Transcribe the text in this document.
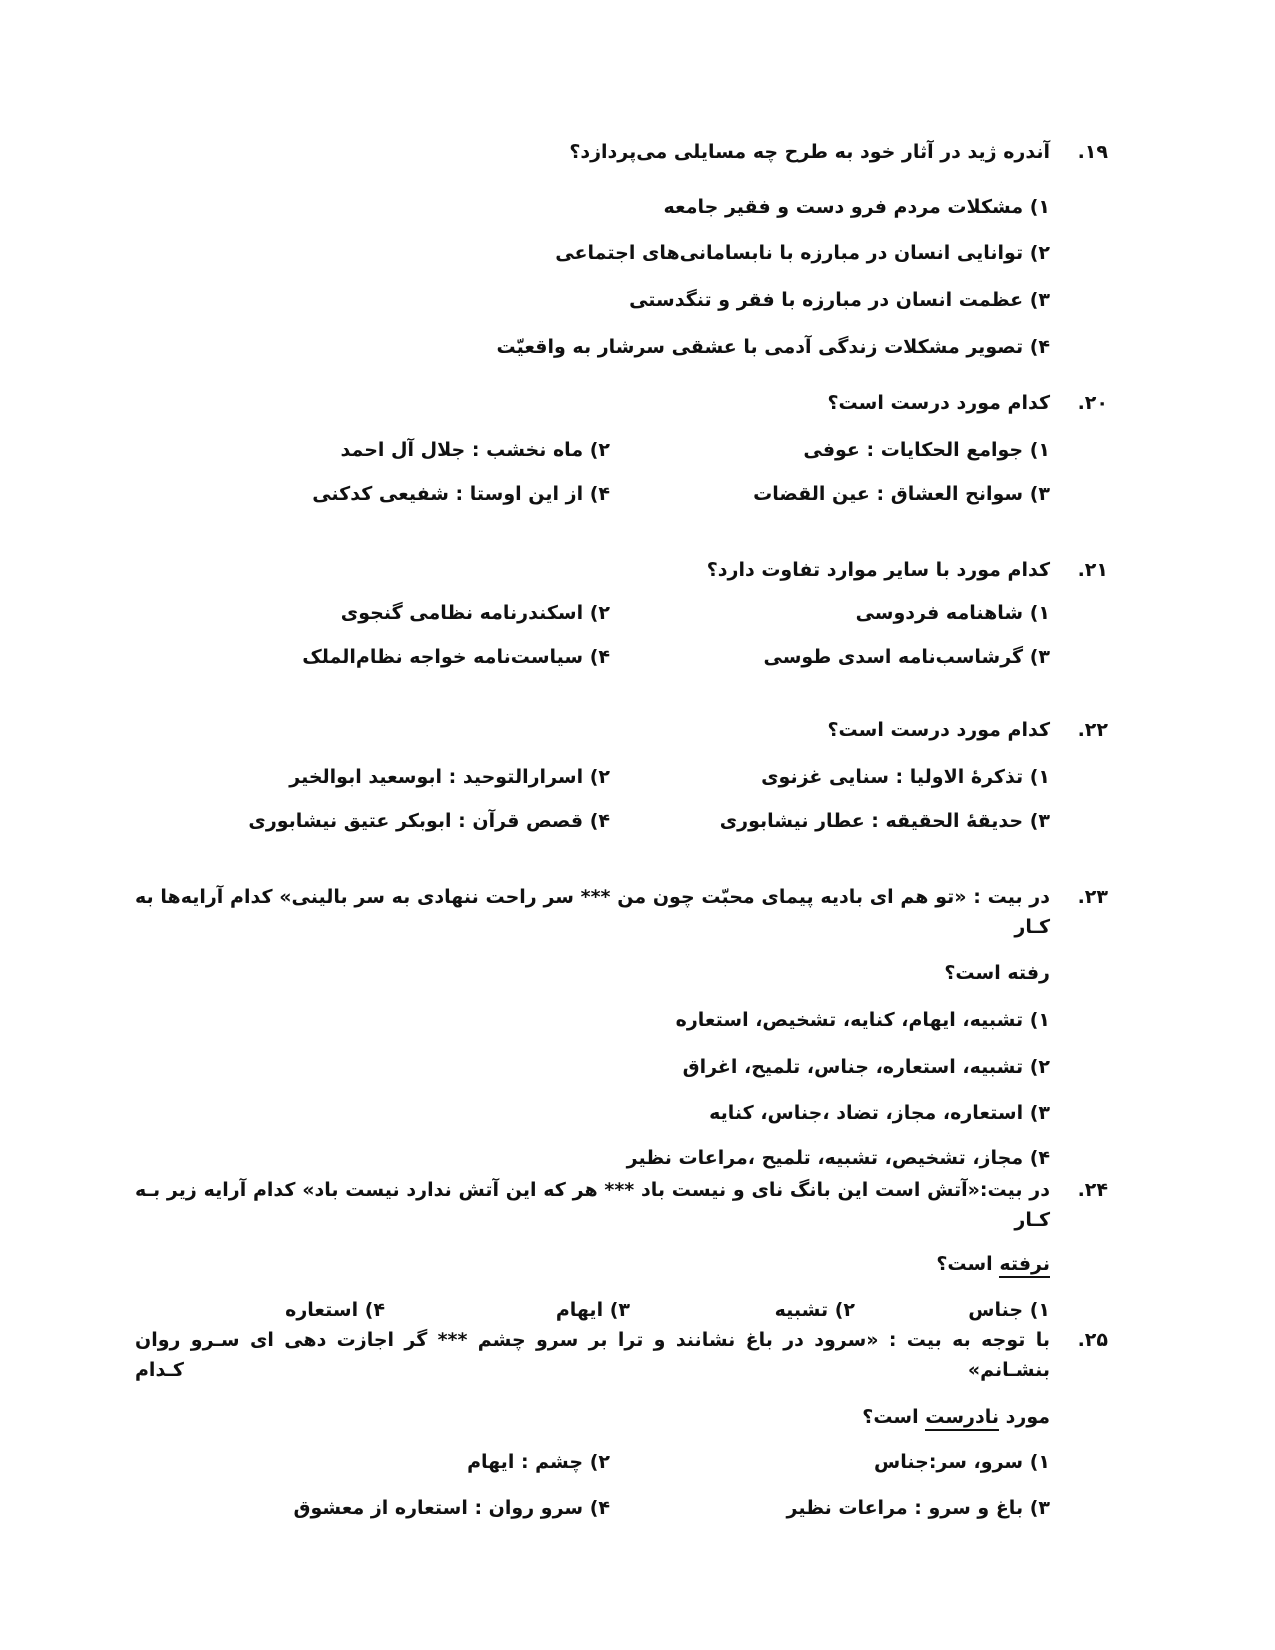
۱۹.
آندره ژید در آثار خود به طرح چه مسایلی می‌پردازد؟
۱) مشکلات مردم فرو دست و فقیر جامعه
۲) توانایی انسان در مبارزه با نابسامانی‌های اجتماعی
۳) عظمت انسان در مبارزه با فقر و تنگدستی
۴) تصویر مشکلات زندگی آدمی با عشقی سرشار به واقعیّت
۲۰.
کدام مورد درست است؟
۱) جوامع الحکایات : عوفی
۲) ماه نخشب : جلال آل احمد
۳) سوانح العشاق : عین القضات
۴) از این اوستا : شفیعی کدکنی
۲۱.
کدام مورد با سایر موارد تفاوت دارد؟
۱) شاهنامه فردوسی
۲) اسکندرنامه نظامی گنجوی
۳) گرشاسب‌نامه اسدی طوسی
۴) سیاست‌نامه خواجه نظام‌الملک
۲۲.
کدام مورد درست است؟
۱) تذکرهٔ الاولیا : سنایی غزنوی
۲) اسرارالتوحید : ابوسعید ابوالخیر
۳) حدیقهٔ الحقیقه : عطار نیشابوری
۴) قصص قرآن : ابوبکر عتیق نیشابوری
۲۳.
در بیت : «تو هم ای بادیه پیمای محبّت چون من *** سر راحت ننهادی به سر بالینی» کدام آرایه‌ها به کـار
رفته است؟
۱) تشبیه، ایهام، کنایه، تشخیص، استعاره
۲) تشبیه، استعاره، جناس، تلمیح، اغراق
۳) استعاره، مجاز، تضاد ،جناس، کنایه
۴) مجاز، تشخیص، تشبیه، تلمیح ،مراعات نظیر
۲۴.
در بیت:«آتش است این بانگ نای و نیست باد *** هر که این آتش ندارد نیست باد» کدام آرایه زیر بـه کـار
نرفته است؟
۱) جناس
۲) تشبیه
۳) ایهام
۴) استعاره
۲۵.
با توجه به بیت : «سرود در باغ نشانند و ترا بر سرو چشم *** گر اجازت دهی ای سـرو روان بنشـانم» کـدام
مورد نادرست است؟
۱) سرو، سر:جناس
۲) چشم : ایهام
۳) باغ و سرو : مراعات نظیر
۴) سرو روان : استعاره از معشوق
